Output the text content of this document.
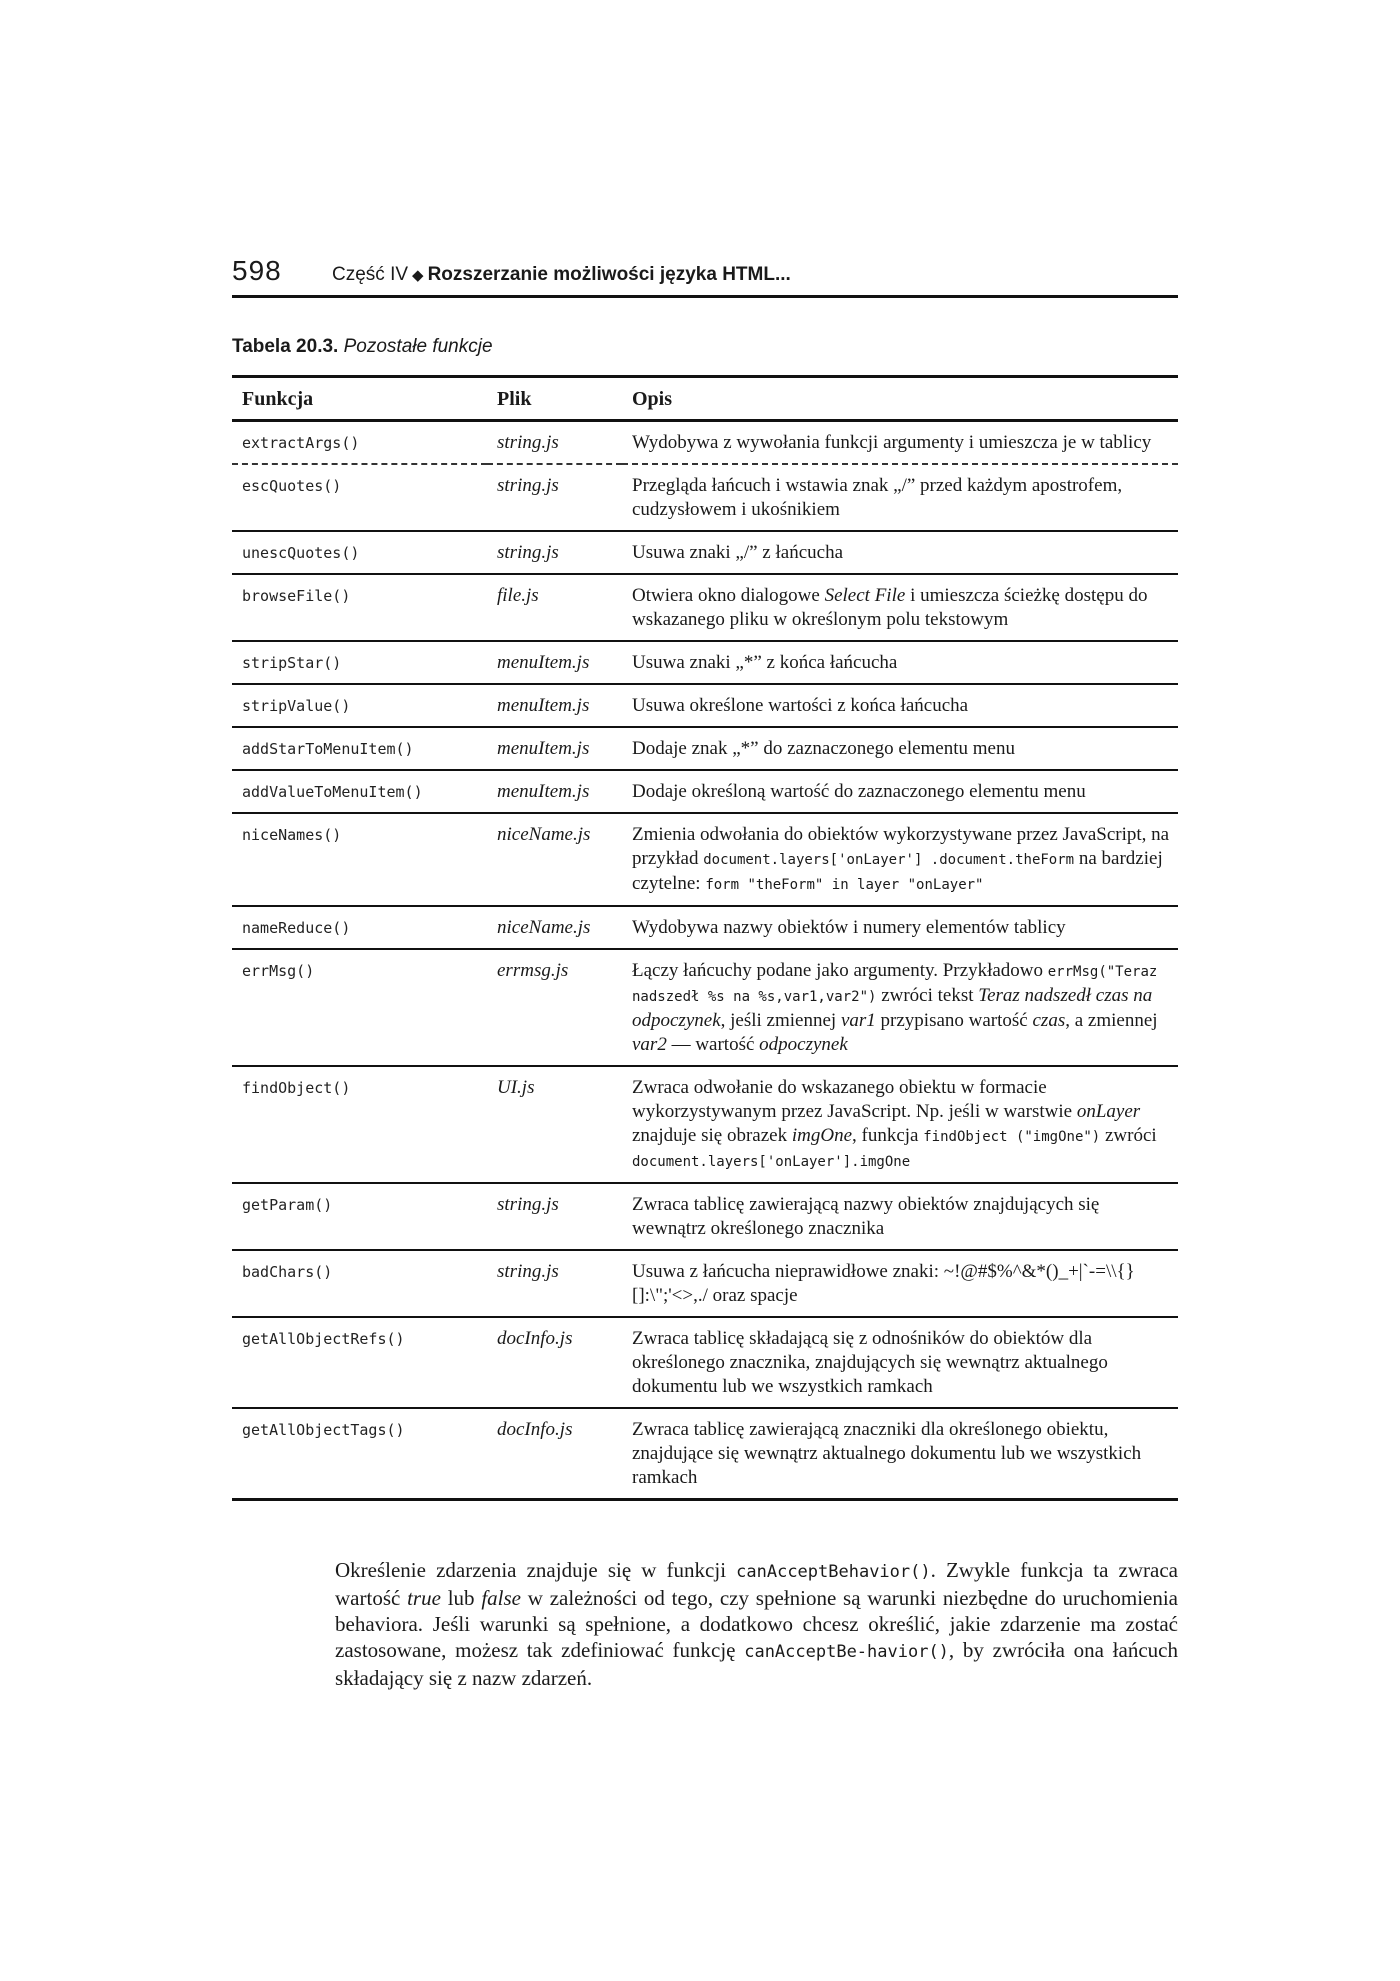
598	Część IV ◆ Rozszerzanie możliwości języka HTML...
Tabela 20.3. Pozostałe funkcje
Funkcja	Plik	Opis
extractArgs()	string.js	Wydobywa z wywołania funkcji argumenty i umieszcza je w tablicy
escQuotes()	string.js	Przegląda łańcuch i wstawia znak „/” przed każdym apostrofem, cudzysłowem i ukośnikiem
unescQuotes()	string.js	Usuwa znaki „/” z łańcucha
browseFile()	file.js	Otwiera okno dialogowe Select File i umieszcza ścieżkę dostępu do wskazanego pliku w określonym polu tekstowym
stripStar()	menuItem.js	Usuwa znaki „*” z końca łańcucha
stripValue()	menuItem.js	Usuwa określone wartości z końca łańcucha
addStarToMenuItem()	menuItem.js	Dodaje znak „*” do zaznaczonego elementu menu
addValueToMenuItem()	menuItem.js	Dodaje określoną wartość do zaznaczonego elementu menu
niceNames()	niceName.js	Zmienia odwołania do obiektów wykorzystywane przez JavaScript, na przykład document.layers['onLayer'] .document.theForm na bardziej czytelne: form "theForm" in layer "onLayer"
nameReduce()	niceName.js	Wydobywa nazwy obiektów i numery elementów tablicy
errMsg()	errmsg.js	Łączy łańcuchy podane jako argumenty. Przykładowo errMsg("Teraz nadszedł %s na %s,var1,var2") zwróci tekst Teraz nadszedł czas na odpoczynek, jeśli zmiennej var1 przypisano wartość czas, a zmiennej var2 — wartość odpoczynek
findObject()	UI.js	Zwraca odwołanie do wskazanego obiektu w formacie wykorzystywanym przez JavaScript. Np. jeśli w warstwie onLayer znajduje się obrazek imgOne, funkcja findObject ("imgOne") zwróci document.layers['onLayer'].imgOne
getParam()	string.js	Zwraca tablicę zawierającą nazwy obiektów znajdujących się wewnątrz określonego znacznika
badChars()	string.js	Usuwa z łańcucha nieprawidłowe znaki: ~!@#$%^&*()_+|`-=\\{}[]:\";'<>,./ oraz spacje
getAllObjectRefs()	docInfo.js	Zwraca tablicę składającą się z odnośników do obiektów dla określonego znacznika, znajdujących się wewnątrz aktualnego dokumentu lub we wszystkich ramkach
getAllObjectTags()	docInfo.js	Zwraca tablicę zawierającą znaczniki dla określonego obiektu, znajdujące się wewnątrz aktualnego dokumentu lub we wszystkich ramkach

Określenie zdarzenia znajduje się w funkcji canAcceptBehavior(). Zwykle funkcja ta zwraca wartość true lub false w zależności od tego, czy spełnione są warunki niezbędne do uruchomienia behaviora. Jeśli warunki są spełnione, a dodatkowo chcesz określić, jakie zdarzenie ma zostać zastosowane, możesz tak zdefiniować funkcję canAcceptBe-havior(), by zwróciła ona łańcuch składający się z nazw zdarzeń.
